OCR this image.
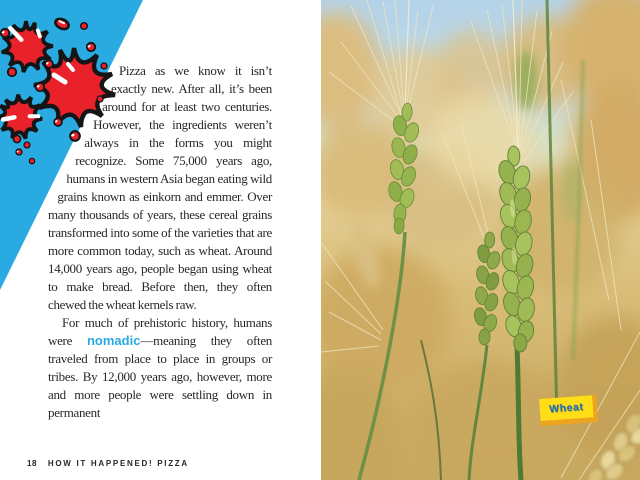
Pizza as we know it isn’t exactly new. After all, it’s been around for at least two centuries. However, the ingredients weren’t always in the forms you might recognize. Some 75,000 years ago, humans in western Asia began eating wild grains known as einkorn and emmer. Over many thousands of years, these cereal grains transformed into some of the varieties that are more common today, such as wheat. Around 14,000 years ago, people began using wheat to make bread. Before then, they often chewed the wheat kernels raw.

For much of prehistoric history, humans were nomadic—meaning they often traveled from place to place in groups or tribes. By 12,000 years ago, however, more and more people were settling down in permanent

18 HOW IT HAPPENED! PIZZA
Wheat
